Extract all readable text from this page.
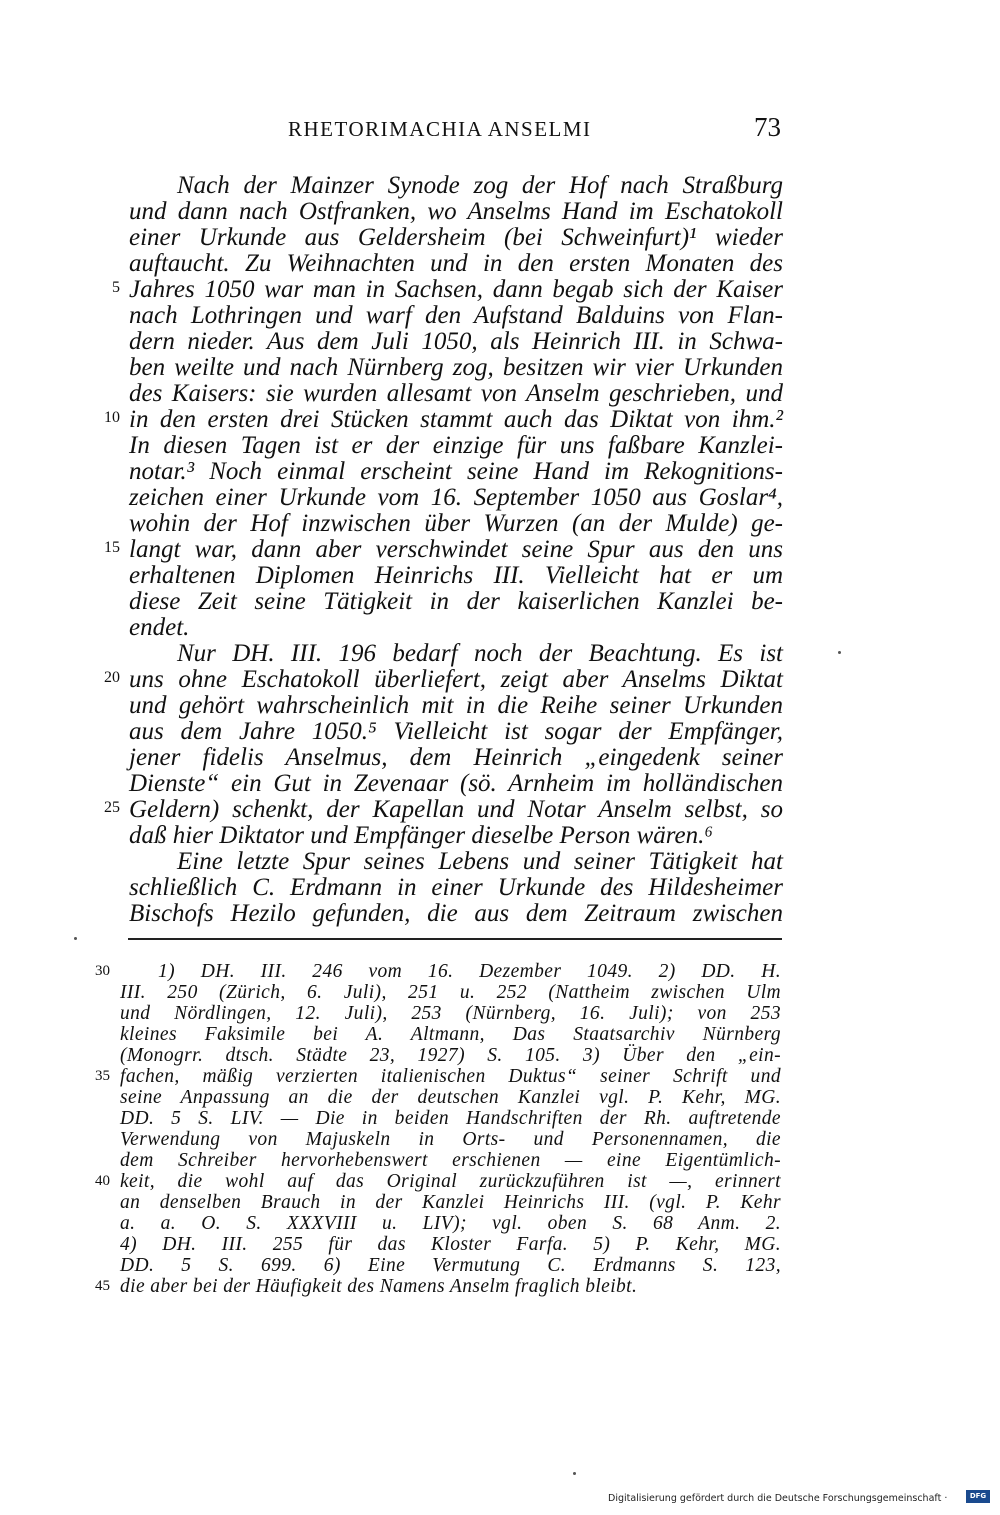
RHETORIMACHIA ANSELMI	73
Nach der Mainzer Synode zog der Hof nach Straßburg
und dann nach Ostfranken, wo Anselms Hand im Eschatokoll
einer Urkunde aus Geldersheim (bei Schweinfurt)¹ wieder
auftaucht. Zu Weihnachten und in den ersten Monaten des
Jahres 1050 war man in Sachsen, dann begab sich der Kaiser
nach Lothringen und warf den Aufstand Balduins von Flan-
dern nieder. Aus dem Juli 1050, als Heinrich III. in Schwa-
ben weilte und nach Nürnberg zog, besitzen wir vier Urkunden
des Kaisers: sie wurden allesamt von Anselm geschrieben, und
in den ersten drei Stücken stammt auch das Diktat von ihm.²
In diesen Tagen ist er der einzige für uns faßbare Kanzlei-
notar.³ Noch einmal erscheint seine Hand im Rekognitions-
zeichen einer Urkunde vom 16. September 1050 aus Goslar⁴,
wohin der Hof inzwischen über Wurzen (an der Mulde) ge-
langt war, dann aber verschwindet seine Spur aus den uns
erhaltenen Diplomen Heinrichs III. Vielleicht hat er um
diese Zeit seine Tätigkeit in der kaiserlichen Kanzlei be-
endet.
Nur DH. III. 196 bedarf noch der Beachtung. Es ist
uns ohne Eschatokoll überliefert, zeigt aber Anselms Diktat
und gehört wahrscheinlich mit in die Reihe seiner Urkunden
aus dem Jahre 1050.⁵ Vielleicht ist sogar der Empfänger,
jener fidelis Anselmus, dem Heinrich „eingedenk seiner
Dienste“ ein Gut in Zevenaar (sö. Arnheim im holländischen
Geldern) schenkt, der Kapellan und Notar Anselm selbst, so
daß hier Diktator und Empfänger dieselbe Person wären.⁶
Eine letzte Spur seines Lebens und seiner Tätigkeit hat
schließlich C. Erdmann in einer Urkunde des Hildesheimer
Bischofs Hezilo gefunden, die aus dem Zeitraum zwischen
5
10
15
20
25
1) DH. III. 246 vom 16. Dezember 1049. 2) DD. H.
III. 250 (Zürich, 6. Juli), 251 u. 252 (Nattheim zwischen Ulm
und Nördlingen, 12. Juli), 253 (Nürnberg, 16. Juli); von 253
kleines Faksimile bei A. Altmann, Das Staatsarchiv Nürnberg
(Monogrr. dtsch. Städte 23, 1927) S. 105. 3) Über den „ein-
fachen, mäßig verzierten italienischen Duktus“ seiner Schrift und
seine Anpassung an die der deutschen Kanzlei vgl. P. Kehr, MG.
DD. 5 S. LIV. — Die in beiden Handschriften der Rh. auftretende
Verwendung von Majuskeln in Orts- und Personennamen, die
dem Schreiber hervorhebenswert erschienen — eine Eigentümlich-
keit, die wohl auf das Original zurückzuführen ist —, erinnert
an denselben Brauch in der Kanzlei Heinrichs III. (vgl. P. Kehr
a. a. O. S. XXXVIII u. LIV); vgl. oben S. 68 Anm. 2.
4) DH. III. 255 für das Kloster Farfa. 5) P. Kehr, MG.
DD. 5 S. 699. 6) Eine Vermutung C. Erdmanns S. 123,
die aber bei der Häufigkeit des Namens Anselm fraglich bleibt.
30
35
40
45
Digitalisierung gefördert durch die Deutsche Forschungsgemeinschaft ·	DFG
